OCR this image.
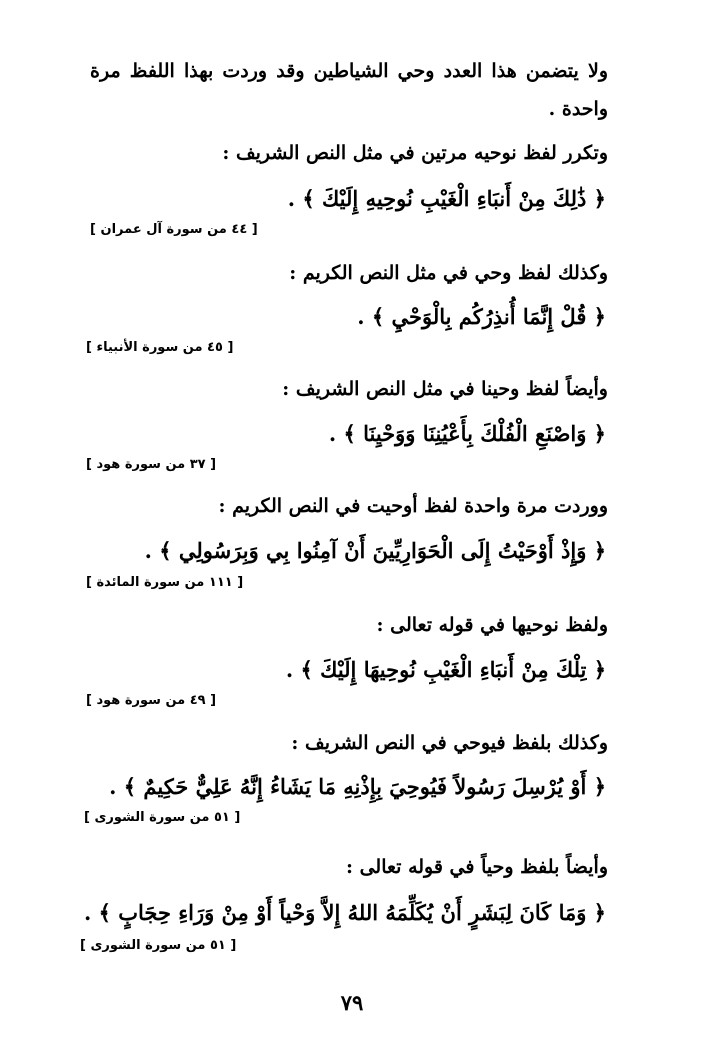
ولا يتضمن هذا العدد وحي الشياطين وقد وردت بهذا اللفظ مرة
واحدة .
وتكرر لفظ نوحيه مرتين في مثل النص الشريف :
﴿ ذَٰلِكَ مِنْ أَنبَاءِ الْغَيْبِ نُوحِيهِ إِلَيْكَ ﴾ .
[ ٤٤ من سورة آل عمران ]
وكذلك لفظ وحي في مثل النص الكريم :
﴿ قُلْ إِنَّمَا أُنذِرُكُم بِالْوَحْيِ ﴾ .
[ ٤٥ من سورة الأنبياء ]
وأيضاً لفظ وحينا في مثل النص الشريف :
﴿ وَاصْنَعِ الْفُلْكَ بِأَعْيُنِنَا وَوَحْيِنَا ﴾ .
[ ٣٧ من سورة هود ]
ووردت مرة واحدة لفظ أوحيت في النص الكريم :
﴿ وَإِذْ أَوْحَيْتُ إِلَى الْحَوَارِيِّينَ أَنْ آمِنُوا بِي وَبِرَسُولِي ﴾ .
[ ١١١ من سورة المائدة ]
ولفظ نوحيها في قوله تعالى :
﴿ تِلْكَ مِنْ أَنبَاءِ الْغَيْبِ نُوحِيهَا إِلَيْكَ ﴾ .
[ ٤٩ من سورة هود ]
وكذلك بلفظ فيوحي في النص الشريف :
﴿ أَوْ يُرْسِلَ رَسُولاً فَيُوحِيَ بِإِذْنِهِ مَا يَشَاءُ إِنَّهُ عَلِيٌّ حَكِيمٌ ﴾ .
[ ٥١ من سورة الشورى ]
وأيضاً بلفظ وحياً في قوله تعالى :
﴿ وَمَا كَانَ لِبَشَرٍ أَنْ يُكَلِّمَهُ اللهُ إِلاَّ وَحْياً أَوْ مِنْ وَرَاءِ حِجَابٍ ﴾ .
[ ٥١ من سورة الشورى ]
٧٩
